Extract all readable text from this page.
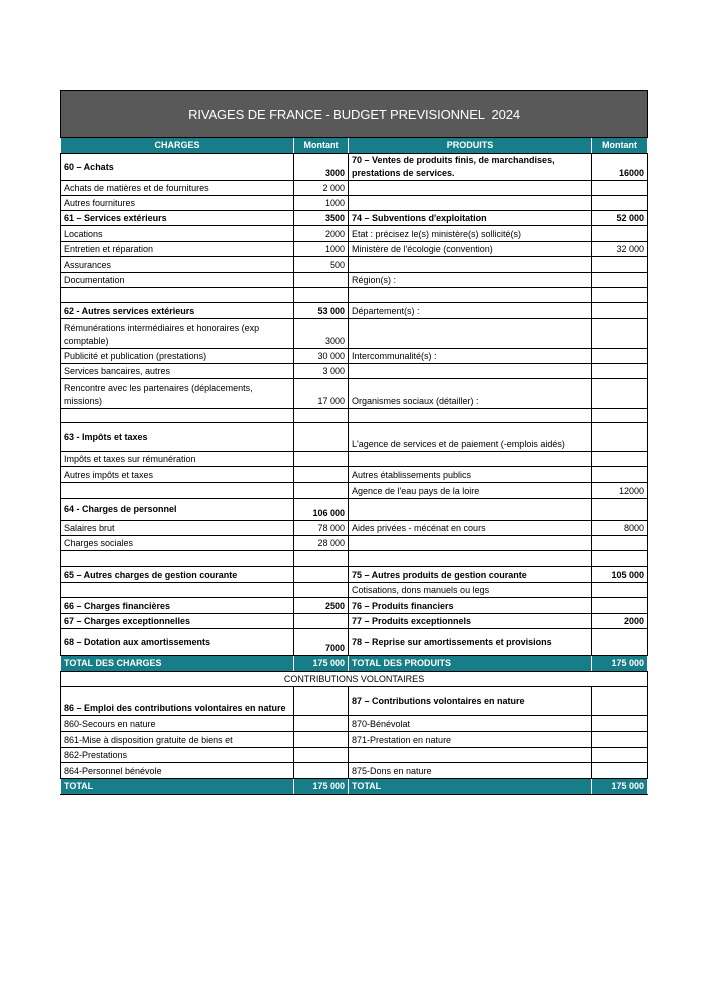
RIVAGES DE FRANCE - BUDGET PREVISIONNEL  2024			
CHARGES	Montant	PRODUITS	Montant
60 – Achats	3000	70 – Ventes de produits finis, de marchandises, prestations de services.	16000
Achats de matières et de fournitures	2 000		
Autres fournitures	1000		
61 – Services extérieurs	3500	74 – Subventions d'exploitation	52 000
Locations	2000	Etat : précisez le(s) ministère(s) sollicité(s)	
Entretien et réparation	1000	Ministère de l'écologie (convention)	32 000
Assurances	500		
Documentation		Région(s) :	

62 - Autres services extérieurs	53 000	Département(s) :	
Rémunérations intermédiaires et honoraires (exp comptable)	3000		
Publicité et publication (prestations)	30 000	Intercommunalité(s) :	
Services bancaires, autres	3 000		
Rencontre avec les partenaires (déplacements, missions)	17 000	Organismes sociaux (détailler) :	

63 - Impôts et taxes		L'agence de services et de paiement (-emplois aidés)	
Impôts et taxes sur rémunération			
Autres impôts et taxes		Autres établissements publics	
		Agence de l'eau pays de la loire	12000
64 - Charges de personnel	106 000		
Salaires brut	78 000	Aides privées - mécénat en cours	8000
Charges sociales	28 000		

65 – Autres charges de gestion courante		75 – Autres produits de gestion courante	105 000
		Cotisations, dons manuels ou legs	
66 – Charges financières	2500	76 – Produits financiers	
67 – Charges exceptionnelles		77 – Produits exceptionnels	2000
68 – Dotation aux amortissements	7000	78 – Reprise sur amortissements et provisions	
TOTAL DES CHARGES	175 000	TOTAL DES PRODUITS	175 000
CONTRIBUTIONS VOLONTAIRES			
86 – Emploi des contributions volontaires en nature		87 – Contributions volontaires en nature	
860-Secours en nature		870-Bénévolat	
861-Mise à disposition gratuite de biens et		871-Prestation en nature	
862-Prestations			
864-Personnel bénévole		875-Dons en nature	
TOTAL	175 000	TOTAL	175 000
